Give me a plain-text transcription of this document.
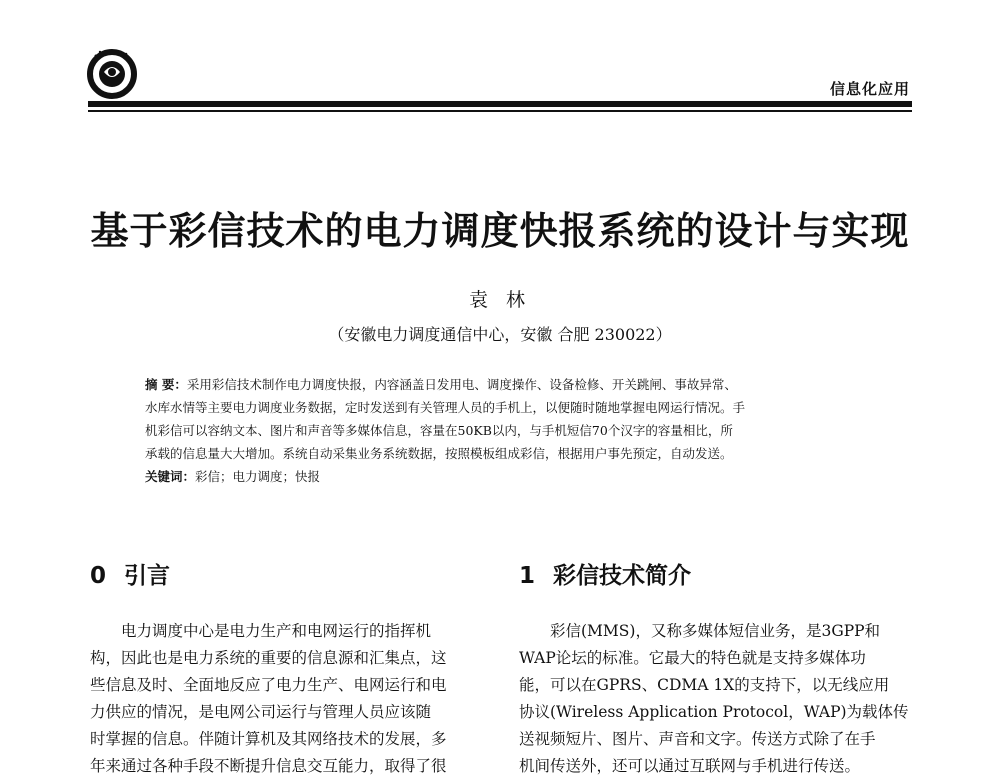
信息化应用
基于彩信技术的电力调度快报系统的设计与实现
袁 林
（安徽电力调度通信中心，安徽 合肥 230022）
摘 要：采用彩信技术制作电力调度快报，内容涵盖日发用电、调度操作、设备检修、开关跳闸、事故异常、
水库水情等主要电力调度业务数据，定时发送到有关管理人员的手机上，以便随时随地掌握电网运行情况。手
机彩信可以容纳文本、图片和声音等多媒体信息，容量在50KB以内，与手机短信70个汉字的容量相比，所
承载的信息量大大增加。系统自动采集业务系统数据，按照模板组成彩信，根据用户事先预定，自动发送。
关键词：彩信；电力调度；快报
0 引言	1 彩信技术简介
　　电力调度中心是电力生产和电网运行的指挥机
构，因此也是电力系统的重要的信息源和汇集点，这
些信息及时、全面地反应了电力生产、电网运行和电
力供应的情况，是电网公司运行与管理人员应该随
时掌握的信息。伴随计算机及其网络技术的发展，多
年来通过各种手段不断提升信息交互能力，取得了很
　　彩信(MMS)，又称多媒体短信业务，是3GPP和
WAP论坛的标准。它最大的特色就是支持多媒体功
能，可以在GPRS、CDMA 1X的支持下，以无线应用
协议(Wireless Application Protocol，WAP)为载体传
送视频短片、图片、声音和文字。传送方式除了在手
机间传送外，还可以通过互联网与手机进行传送。
